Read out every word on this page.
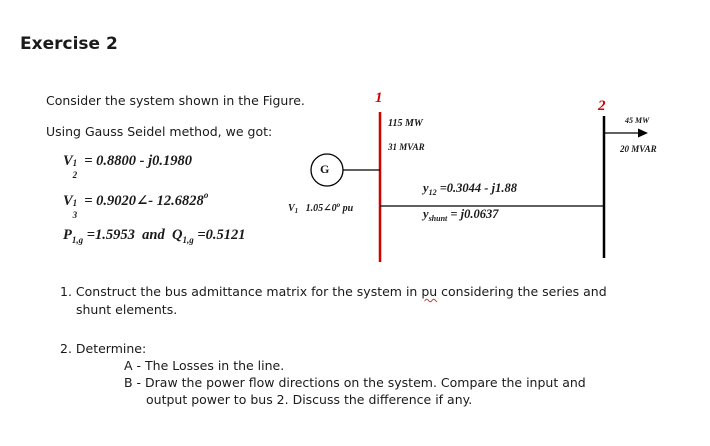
Exercise 2
Consider the system shown in the Figure.
Using Gauss Seidel method, we got:
V 1
2
= 0.8800 - j0.1980
V 1
3
= 0.9020∠- 12.6828$^o$
$P_{1,g} =1.5953$ and $Q_{1,g} =0.5121$
G
1	2
115 MW
31 MVAR
45 MW
20 MVAR
$V_1$ 1.05∠0$^o$ pu
$y_{12} =0.3044 - j1.88$
$y_{shunt} = j0.0637$
1. Construct the bus admittance matrix for the system in pu considering the series and
shunt elements.
2. Determine:
A - The Losses in the line.
B - Draw the power flow directions on the system. Compare the input and
output power to bus 2. Discuss the difference if any.
